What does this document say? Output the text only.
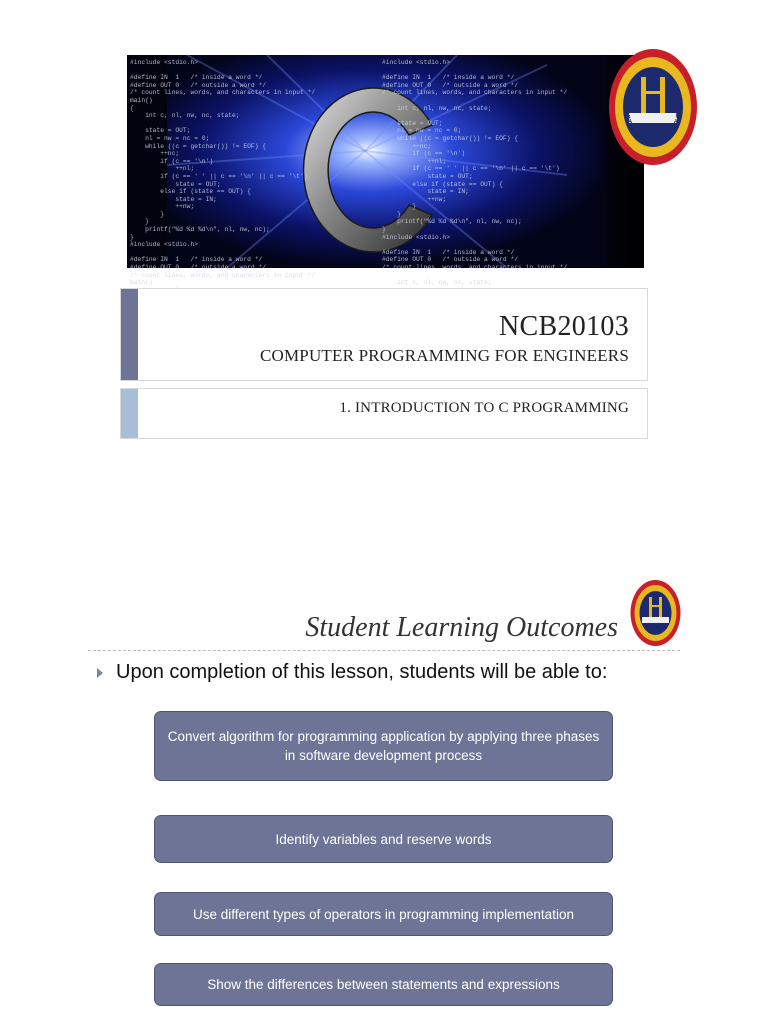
#include <stdio.h>

#define IN  1   /* inside a word */
#define OUT 0   /* outside a word */
/* count lines, words, and characters in input */
main()
{
int c, nl, nw, nc, state;

state = OUT;
nl = nw = nc = 0;
while ((c = getchar()) != EOF) {
++nc;
if (c == '\n')
++nl;
if (c == ' ' || c == '\n' || c == '\t')
state = OUT;
else if (state == OUT) {
state = IN;
++nw;
}
}
printf("%d %d %d\n", nl, nw, nc);
}
#include <stdio.h>

#define IN  1   /* inside a word */
#define OUT 0   /* outside a word */
/* count lines, words, and characters in input */
main()

#include <stdio.h>

#define IN  1   /* inside a word */
#define OUT 0   /* outside a word */
/* count lines, words, and characters in input */

int c, nl, nw, nc, state;

state = OUT;
nl = nw = nc = 0;
while ((c = getchar()) != EOF) {
++nc;
if (c == '\n')
++nl;
if (c == ' ' || c == '\n' || c == '\t')
state = OUT;
else if (state == OUT) {
state = IN;
++nw;
}
}
printf("%d %d %d\n", nl, nw, nc);
}
#include <stdio.h>

#define IN  1   /* inside a word */
#define OUT 0   /* outside a word */
/* count lines, words, and characters in input */

int c, nl, nw, nc, state;
UNIVERSITI KUALA LUMPUR
NCB20103
COMPUTER PROGRAMMING FOR ENGINEERS
1. INTRODUCTION TO C PROGRAMMING
Student Learning Outcomes
Upon completion of this lesson, students will be able to:
Convert algorithm for programming application by applying three phases in software development process
Identify variables and reserve words
Use different types of operators in programming implementation
Show the differences between statements and expressions
